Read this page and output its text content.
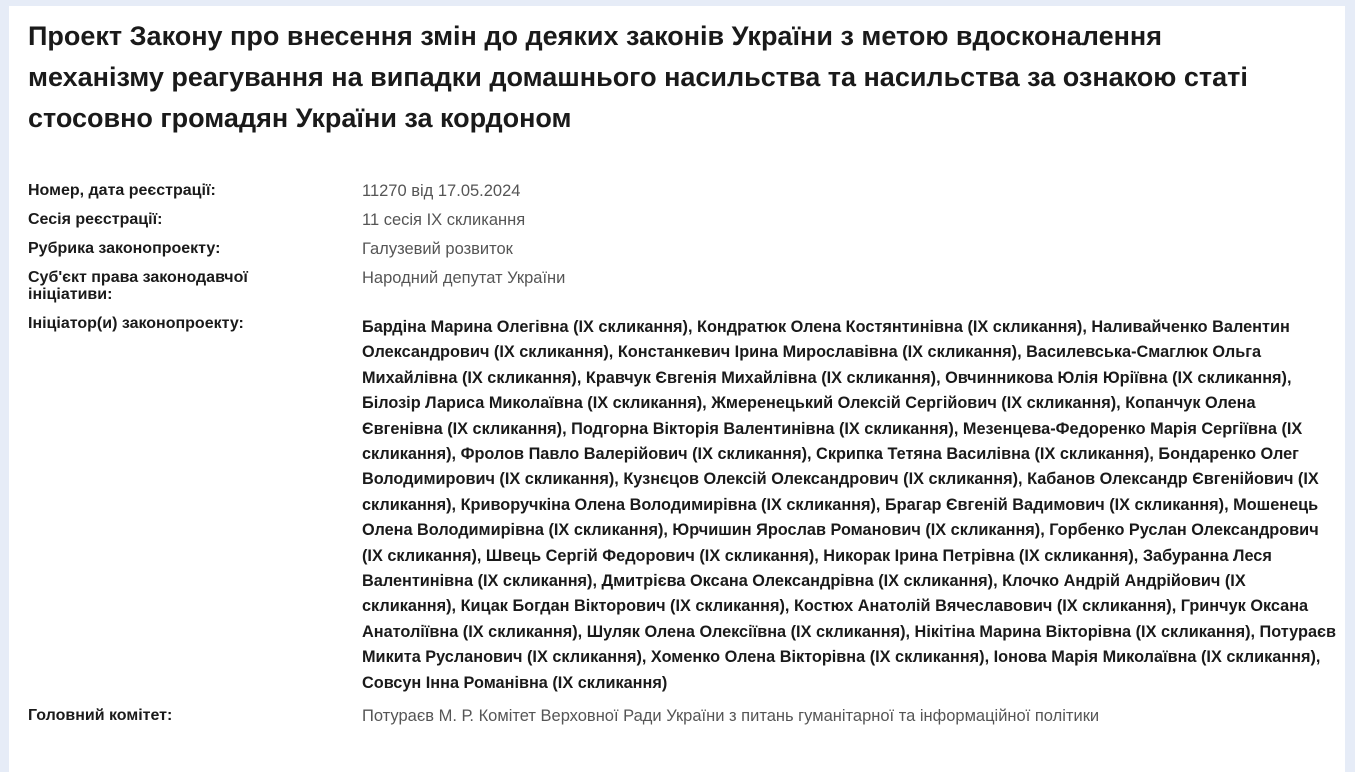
Проект Закону про внесення змін до деяких законів України з метою вдосконалення механізму реагування на випадки домашнього насильства та насильства за ознакою статі стосовно громадян України за кордоном
Номер, дата реєстрації:	11270 від 17.05.2024
Сесія реєстрації:	11 сесія IX скликання
Рубрика законопроекту:	Галузевий розвиток
Суб'єкт права законодавчої ініціативи:
Народний депутат України
Ініціатор(и) законопроекту:	Бардіна Марина Олегівна (IX скликання), Кондратюк Олена Костянтинівна (IX скликання), Наливайченко Валентин Олександрович (IX скликання), Констанкевич Ірина Мирославівна (IX скликання), Василевська-Смаглюк Ольга Михайлівна (IX скликання), Кравчук Євгенія Михайлівна (IX скликання), Овчинникова Юлія Юріївна (IX скликання), Білозір Лариса Миколаївна (IX скликання), Жмеренецький Олексій Сергійович (IX скликання), Копанчук Олена Євгенівна (IX скликання), Подгорна Вікторія Валентинівна (IX скликання), Мезенцева-Федоренко Марія Сергіївна (IX скликання), Фролов Павло Валерійович (IX скликання), Скрипка Тетяна Василівна (IX скликання), Бондаренко Олег Володимирович (IX скликання), Кузнєцов Олексій Олександрович (IX скликання), Кабанов Олександр Євгенійович (IX скликання), Криворучкіна Олена Володимирівна (IX скликання), Брагар Євгеній Вадимович (IX скликання), Мошенець Олена Володимирівна (IX скликання), Юрчишин Ярослав Романович (IX скликання), Горбенко Руслан Олександрович (IX скликання), Швець Сергій Федорович (IX скликання), Никорак Ірина Петрівна (IX скликання), Забуранна Леся Валентинівна (IX скликання), Дмитрієва Оксана Олександрівна (IX скликання), Клочко Андрій Андрійович (IX скликання), Кицак Богдан Вікторович (IX скликання), Костюх Анатолій Вячеславович (IX скликання), Гринчук Оксана Анатоліївна (IX скликання), Шуляк Олена Олексіївна (IX скликання), Нікітіна Марина Вікторівна (IX скликання), Потураєв Микита Русланович (IX скликання), Хоменко Олена Вікторівна (IX скликання), Іонова Марія Миколаївна (IX скликання), Совсун Інна Романівна (IX скликання)
Головний комітет:	Потураєв М. Р. Комітет Верховної Ради України з питань гуманітарної та інформаційної політики
